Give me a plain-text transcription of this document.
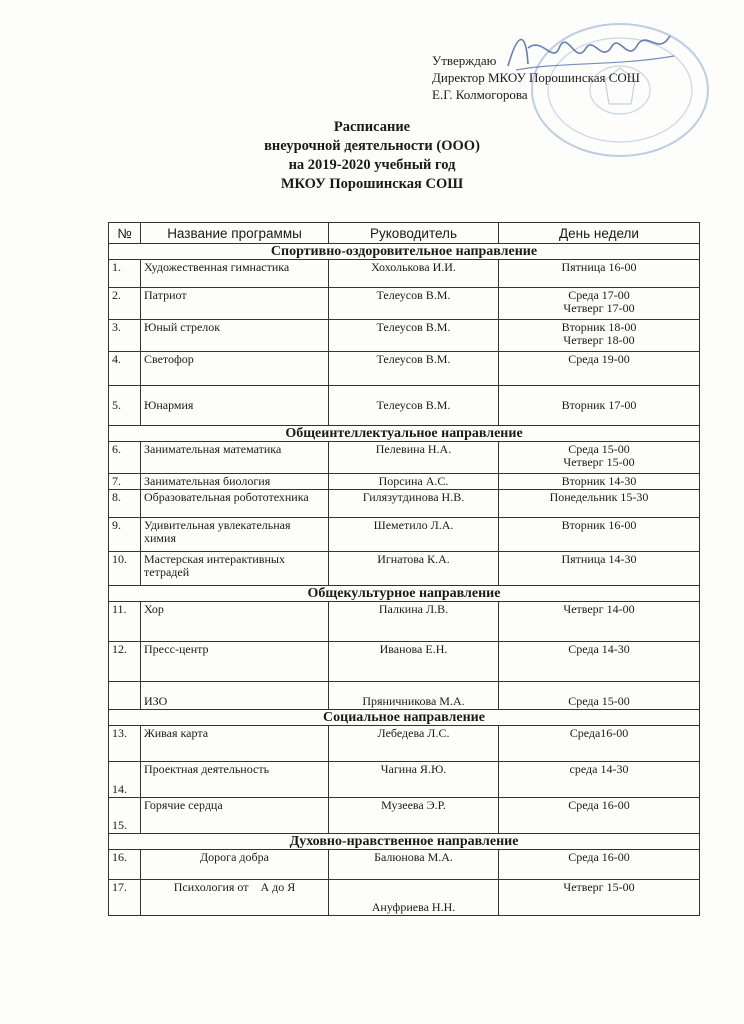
Утверждаю
Директор МКОУ Порошинская СОШ
Е.Г. Колмогорова
Расписание
внеурочной деятельности (ООО)
на 2019-2020 учебный год
МКОУ Порошинская СОШ
№	Название программы	Руководитель	День недели
Спортивно-оздоровительное направление			
1.	Художественная гимнастика	Хохолькова И.И.	Пятница 16-00

2.	Патриот	Телеусов В.М.	Среда 17-00
Четверг 17-00

3.	Юный стрелок	Телеусов В.М.	Вторник 18-00
Четверг 18-00

4.	Светофор	Телеусов В.М.	Среда 19-00

5.	Юнармия	Телеусов В.М.	Вторник 17-00

Общеинтеллектуальное направление			
6.	Занимательная математика	Пелевина Н.А.	Среда 15-00
Четверг 15-00

7.	Занимательная биология	Порсина А.С.	Вторник 14-30

8.	Образовательная робототехника	Гилязутдинова Н.В.	Понедельник 15-30

9.	Удивительная увлекательная химия	Шеметило Л.А.	Вторник 16-00

10.	Мастерская интерактивных тетрадей	Игнатова К.А.	Пятница 14-30

Общекультурное направление			
11.	Хор	Палкина Л.В.	Четверг 14-00

12.	Пресс-центр	Иванова Е.Н.	Среда 14-30

	ИЗО	Пряничникова М.А.	Среда 15-00

Социальное направление			
13.	Живая карта	Лебедева Л.С.	Среда16-00

14.	Проектная деятельность	Чагина Я.Ю.	среда 14-30

15.	Горячие сердца	Музеева Э.Р.	Среда 16-00

Духовно-нравственное направление			
16.	Дорога добра	Балюнова М.А.	Среда 16-00

17.	Психология от    А до Я	Ануфриева Н.Н.	Четверг 15-00
